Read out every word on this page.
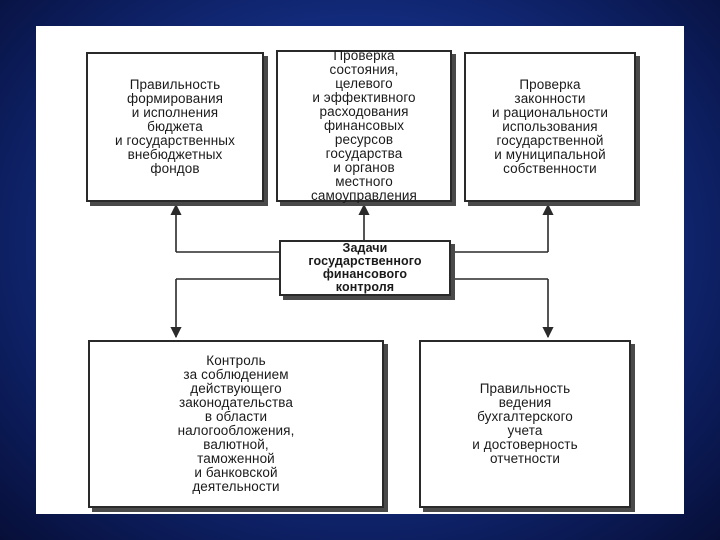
Правильность
формирования
и исполнения
бюджета
и государственных
внебюджетных
фондов
Проверка
состояния,
целевого
и эффективного
расходования
финансовых
ресурсов
государства
и органов
местного
самоуправления
Проверка
законности
и рациональности
использования
государственной
и муниципальной
собственности
Задачи
государственного
финансового
контроля
Контроль
за соблюдением
действующего
законодательства
в области
налогообложения,
валютной,
таможенной
и банковской
деятельности
Правильность
ведения
бухгалтерского
учета
и достоверность
отчетности
